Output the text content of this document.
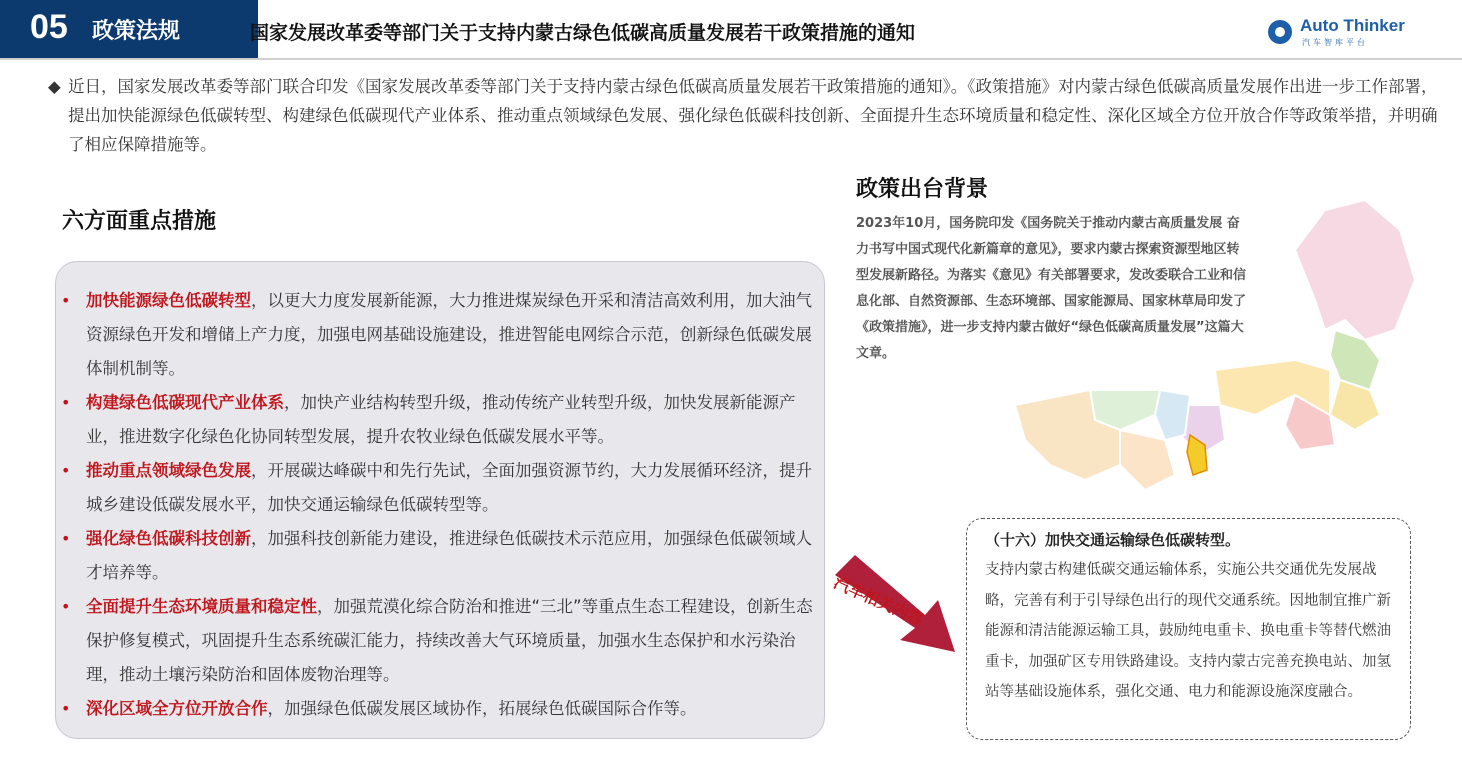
05 政策法规	国家发展改革委等部门关于支持内蒙古绿色低碳高质量发展若干政策措施的通知	Auto Thinker
汽车智库平台
◆ 近日，国家发展改革委等部门联合印发《国家发展改革委等部门关于支持内蒙古绿色低碳高质量发展若干政策措施的通知》。《政策措施》对内蒙古绿色低碳高质量发展作出进一步工作部署，提出加快能源绿色低碳转型、构建绿色低碳现代产业体系、推动重点领域绿色发展、强化绿色低碳科技创新、全面提升生态环境质量和稳定性、深化区域全方位开放合作等政策举措，并明确了相应保障措施等。
六方面重点措施
政策出台背景
• 加快能源绿色低碳转型，以更大力度发展新能源，大力推进煤炭绿色开采和清洁高效利用，加大油气资源绿色开发和增储上产力度，加强电网基础设施建设，推进智能电网综合示范，创新绿色低碳发展体制机制等。
• 构建绿色低碳现代产业体系，加快产业结构转型升级，推动传统产业转型升级，加快发展新能源产业，推进数字化绿色化协同转型发展，提升农牧业绿色低碳发展水平等。
• 推动重点领域绿色发展，开展碳达峰碳中和先行先试，全面加强资源节约，大力发展循环经济，提升城乡建设低碳发展水平，加快交通运输绿色低碳转型等。
• 强化绿色低碳科技创新，加强科技创新能力建设，推进绿色低碳技术示范应用，加强绿色低碳领域人才培养等。
• 全面提升生态环境质量和稳定性，加强荒漠化综合防治和推进“三北”等重点生态工程建设，创新生态保护修复模式，巩固提升生态系统碳汇能力，持续改善大气环境质量，加强水生态保护和水污染治理，推动土壤污染防治和固体废物治理等。
• 深化区域全方位开放合作，加强绿色低碳发展区域协作，拓展绿色低碳国际合作等。
2023年10月，国务院印发《国务院关于推动内蒙古高质量发展 奋力书写中国式现代化新篇章的意见》，要求内蒙古探索资源型地区转型发展新路径。为落实《意见》有关部署要求，发改委联合工业和信息化部、自然资源部、生态环境部、国家能源局、国家林草局印发了《政策措施》，进一步支持内蒙古做好“绿色低碳高质量发展”这篇大文章。
汽车相关内容
（十六）加快交通运输绿色低碳转型。
支持内蒙古构建低碳交通运输体系，实施公共交通优先发展战略，完善有利于引导绿色出行的现代交通系统。因地制宜推广新能源和清洁能源运输工具，鼓励纯电重卡、换电重卡等替代燃油重卡，加强矿区专用铁路建设。支持内蒙古完善充换电站、加氢站等基础设施体系，强化交通、电力和能源设施深度融合。
